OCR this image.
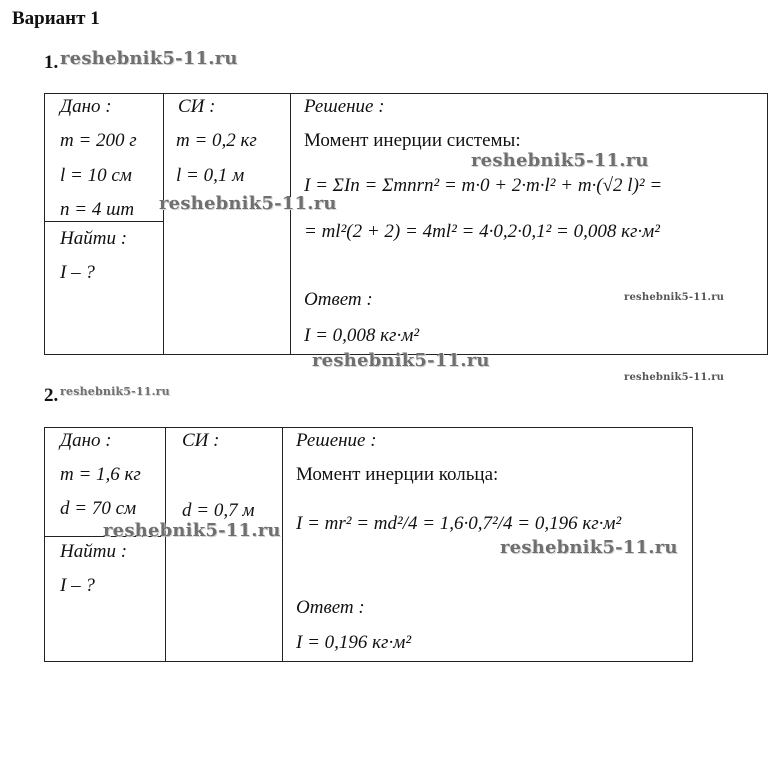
Вариант 1
1. reshebnik5-11.ru
Дано :
m = 200 г
l = 10 см
n = 4 шт
Найти :
I – ?
СИ :
m = 0,2 кг
l = 0,1 м
Решение :
Момент инерции системы:
I = ΣIn = Σmnrn² = m·0 + 2·m·l² + m·(√2 l)² =
= ml²(2 + 2) = 4ml² = 4·0,2·0,1² = 0,008 кг·м²
Ответ :
I = 0,008 кг·м²
reshebnik5-11.ru
reshebnik5-11.ru
reshebnik5-11.ru
reshebnik5-11.ru
reshebnik5-11.ru
2. reshebnik5-11.ru
Дано :
m = 1,6 кг
d = 70 см
Найти :
I – ?
СИ :
d = 0,7 м
Решение :
Момент инерции кольца:
I = mr² = md²/4 = 1,6·0,7²/4 = 0,196 кг·м²
Ответ :
I = 0,196 кг·м²
reshebnik5-11.ru
reshebnik5-11.ru
